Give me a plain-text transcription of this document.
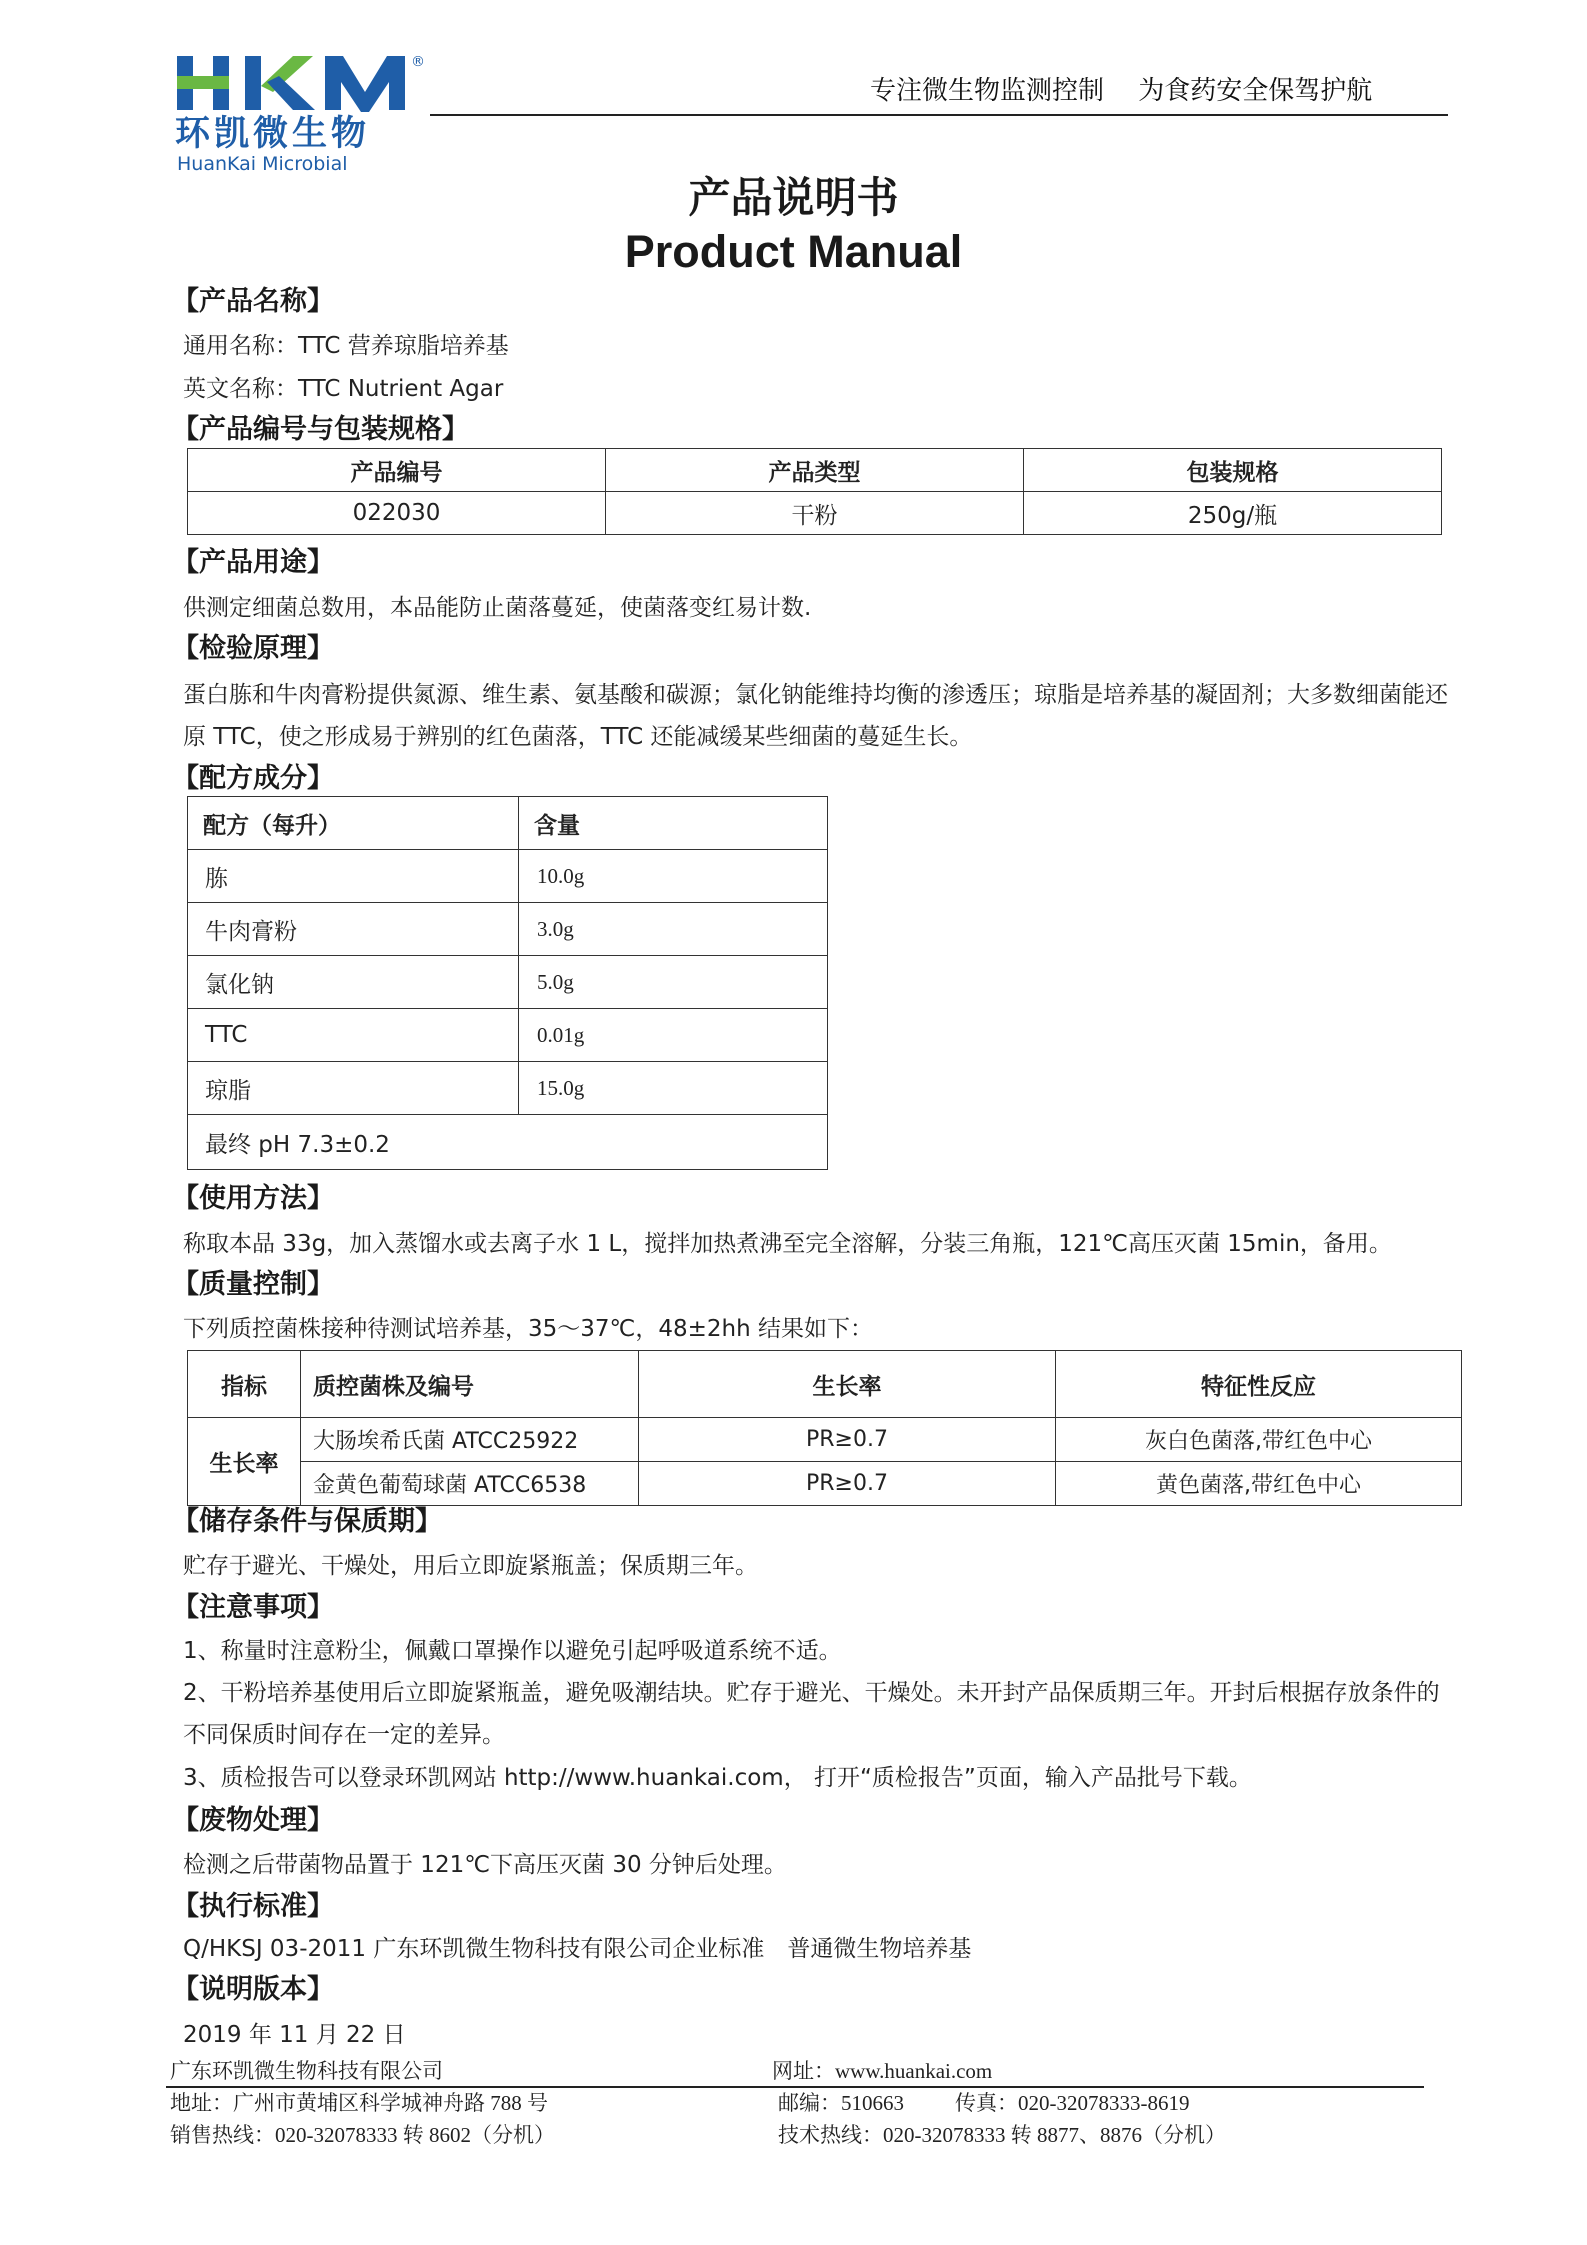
®
环凯微生物
HuanKai Microbial
专注微生物监测控制　 为食药安全保驾护航
产品说明书
Product Manual
【产品名称】
通用名称：TTC 营养琼脂培养基
英文名称：TTC Nutrient Agar
【产品编号与包装规格】
产品编号	产品类型	包装规格
022030	干粉	250g/瓶
【产品用途】
供测定细菌总数用，本品能防止菌落蔓延，使菌落变红易计数.
【检验原理】
蛋白胨和牛肉膏粉提供氮源、维生素、氨基酸和碳源；氯化钠能维持均衡的渗透压；琼脂是培养基的凝固剂；大多数细菌能还原 TTC，使之形成易于辨别的红色菌落，TTC 还能减缓某些细菌的蔓延生长。
【配方成分】
配方（每升）	含量
胨	10.0g
牛肉膏粉	3.0g
氯化钠	5.0g
TTC	0.01g
琼脂	15.0g
最终 pH 7.3±0.2	
【使用方法】
称取本品 33g，加入蒸馏水或去离子水 1 L，搅拌加热煮沸至完全溶解，分装三角瓶，121℃高压灭菌 15min，备用。
【质量控制】
下列质控菌株接种待测试培养基，35～37℃，48±2hh 结果如下：
指标	质控菌株及编号	生长率	特征性反应
生长率	大肠埃希氏菌 ATCC25922	PR≥0.7	灰白色菌落,带红色中心
	金黄色葡萄球菌 ATCC6538	PR≥0.7	黄色菌落,带红色中心
【储存条件与保质期】
贮存于避光、干燥处，用后立即旋紧瓶盖；保质期三年。
【注意事项】
1、称量时注意粉尘，佩戴口罩操作以避免引起呼吸道系统不适。
2、干粉培养基使用后立即旋紧瓶盖，避免吸潮结块。贮存于避光、干燥处。未开封产品保质期三年。开封后根据存放条件的不同保质时间存在一定的差异。
3、质检报告可以登录环凯网站 http://www.huankai.com， 打开“质检报告”页面，输入产品批号下载。
【废物处理】
检测之后带菌物品置于 121℃下高压灭菌 30 分钟后处理。
【执行标准】
Q/HKSJ 03-2011 广东环凯微生物科技有限公司企业标准　普通微生物培养基
【说明版本】
2019 年 11 月 22 日
广东环凯微生物科技有限公司	网址：www.huankai.com
地址：广州市黄埔区科学城神舟路 788 号	邮编：510663 传真：020-32078333-8619
销售热线：020-32078333 转 8602（分机）	技术热线：020-32078333 转 8877、8876（分机）
